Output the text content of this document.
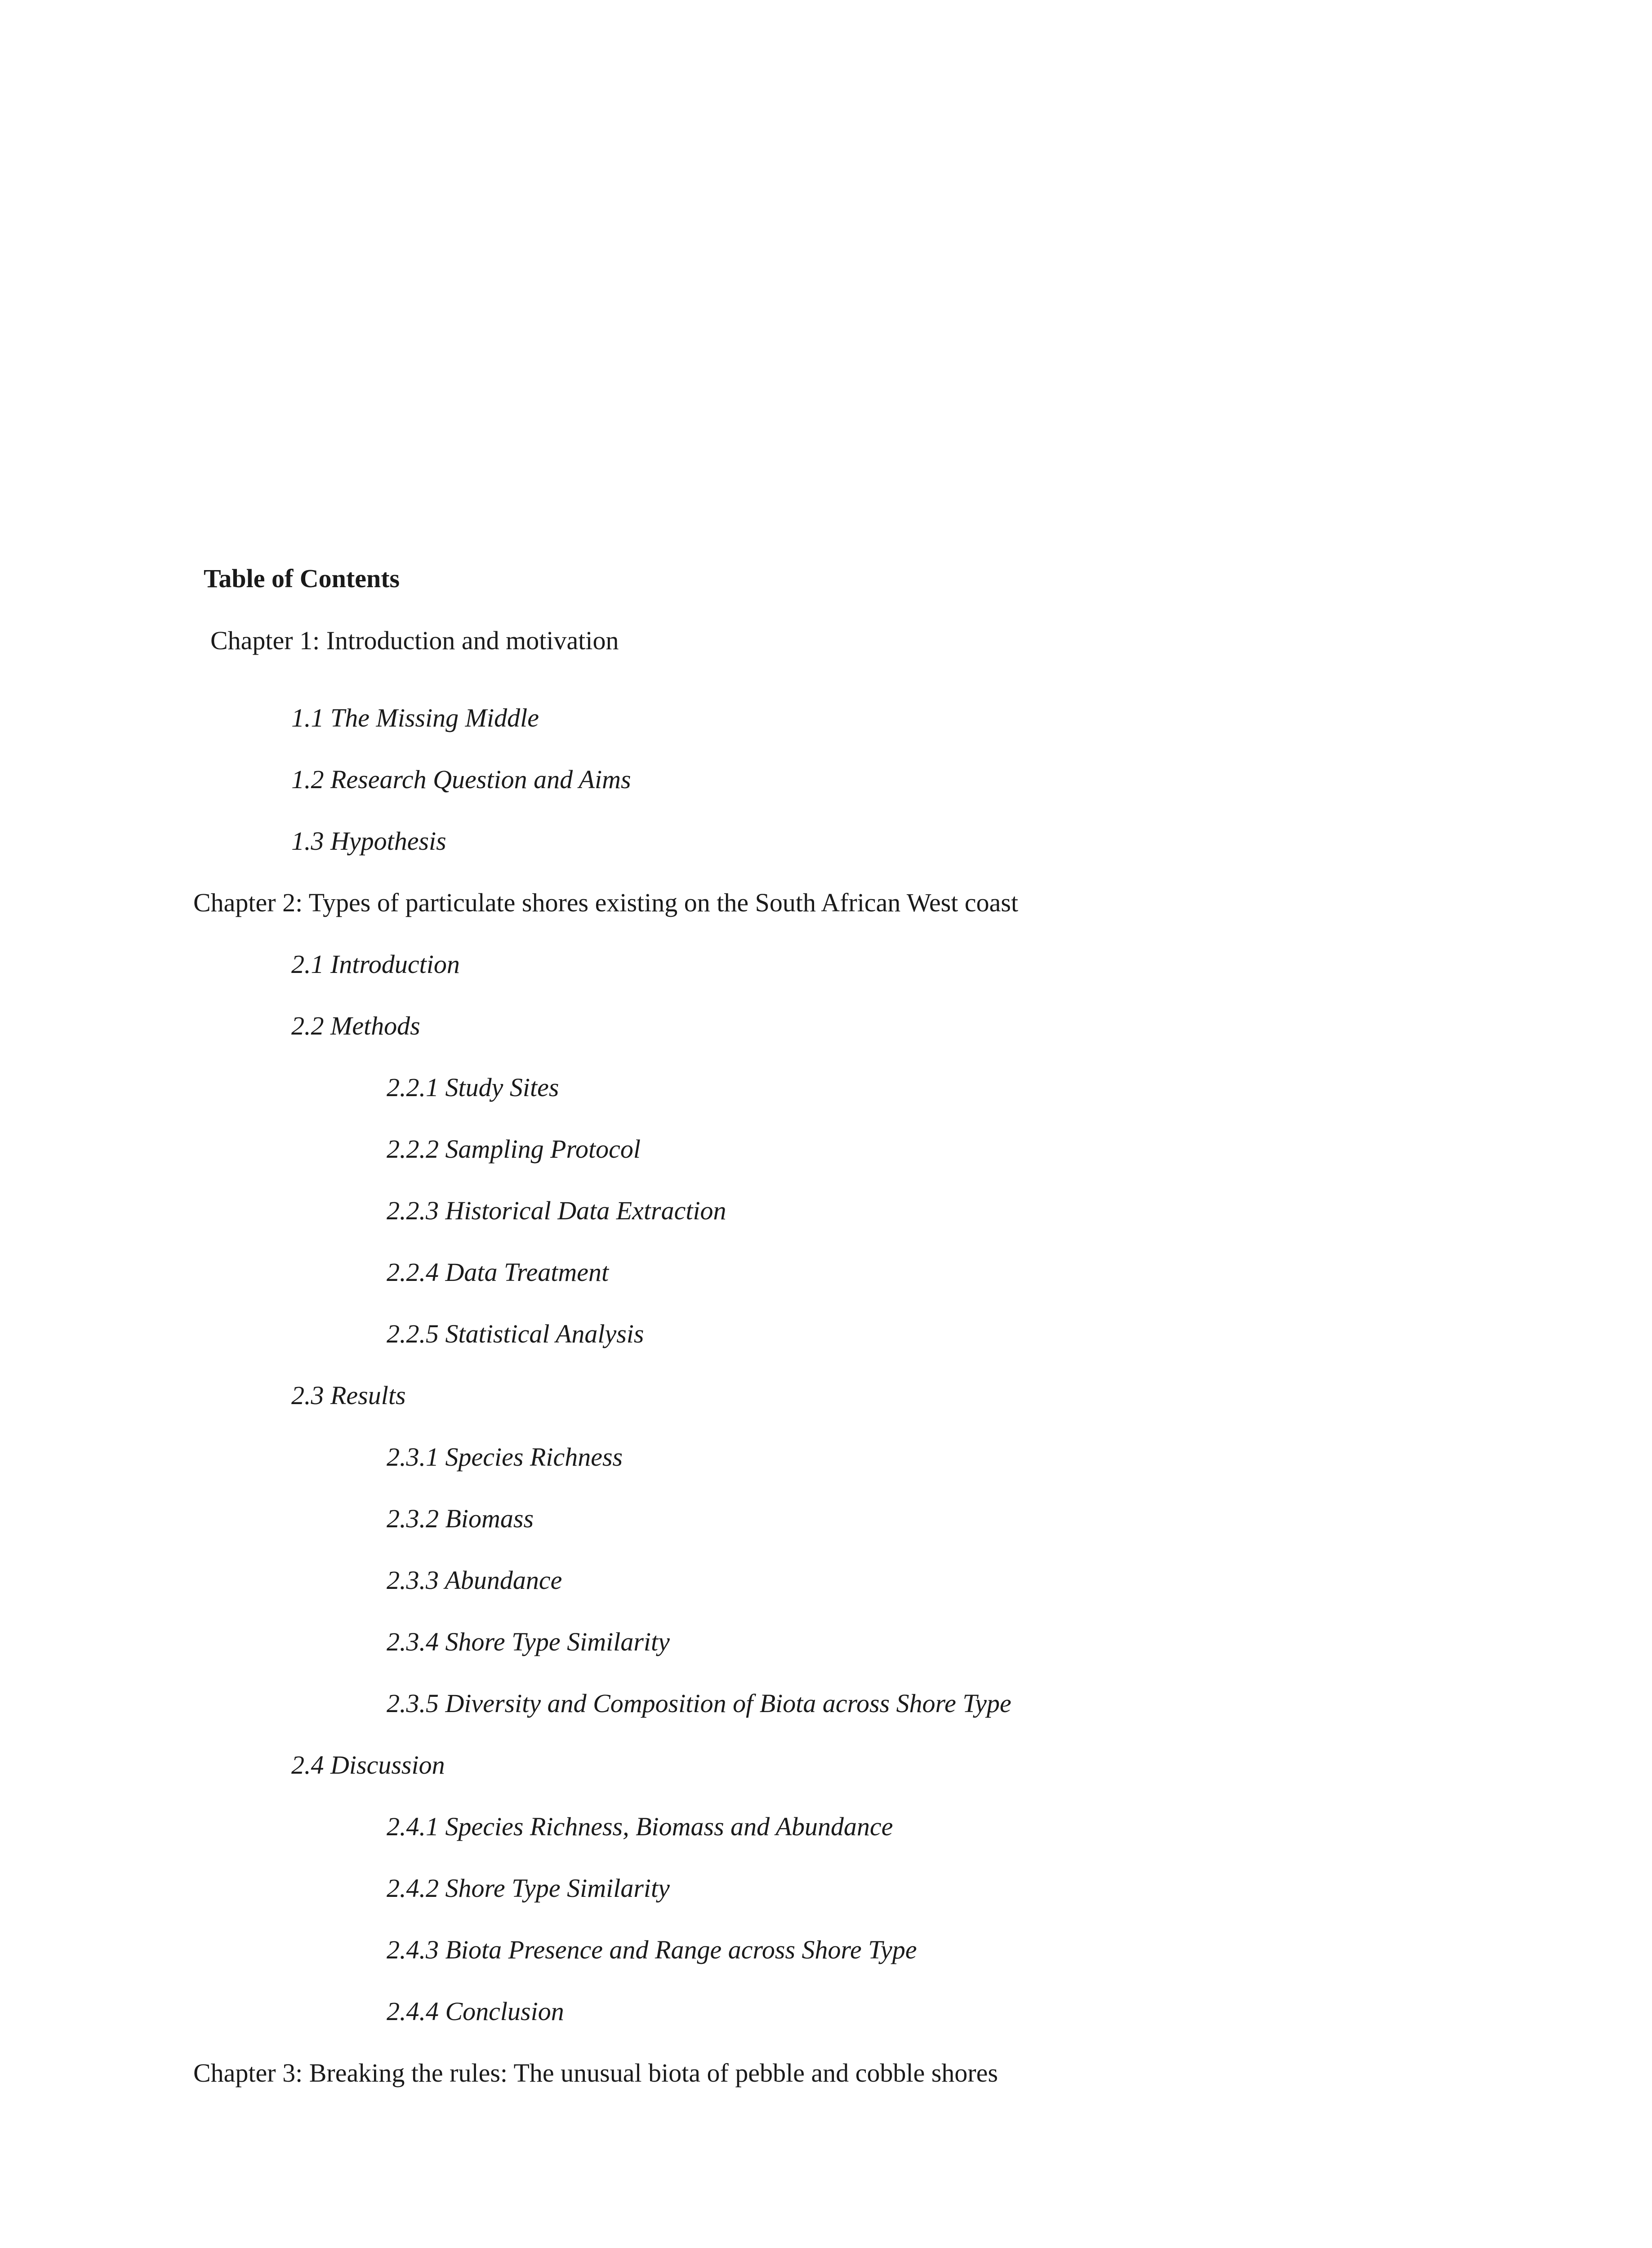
Table of Contents
Chapter 1: Introduction and motivation
1.1 The Missing Middle
1.2 Research Question and Aims
1.3 Hypothesis
Chapter 2: Types of particulate shores existing on the South African West coast
2.1 Introduction
2.2 Methods
2.2.1 Study Sites
2.2.2 Sampling Protocol
2.2.3 Historical Data Extraction
2.2.4 Data Treatment
2.2.5 Statistical Analysis
2.3 Results
2.3.1 Species Richness
2.3.2 Biomass
2.3.3 Abundance
2.3.4 Shore Type Similarity
2.3.5 Diversity and Composition of Biota across Shore Type
2.4 Discussion
2.4.1 Species Richness, Biomass and Abundance
2.4.2 Shore Type Similarity
2.4.3 Biota Presence and Range across Shore Type
2.4.4 Conclusion
Chapter 3: Breaking the rules: The unusual biota of pebble and cobble shores
